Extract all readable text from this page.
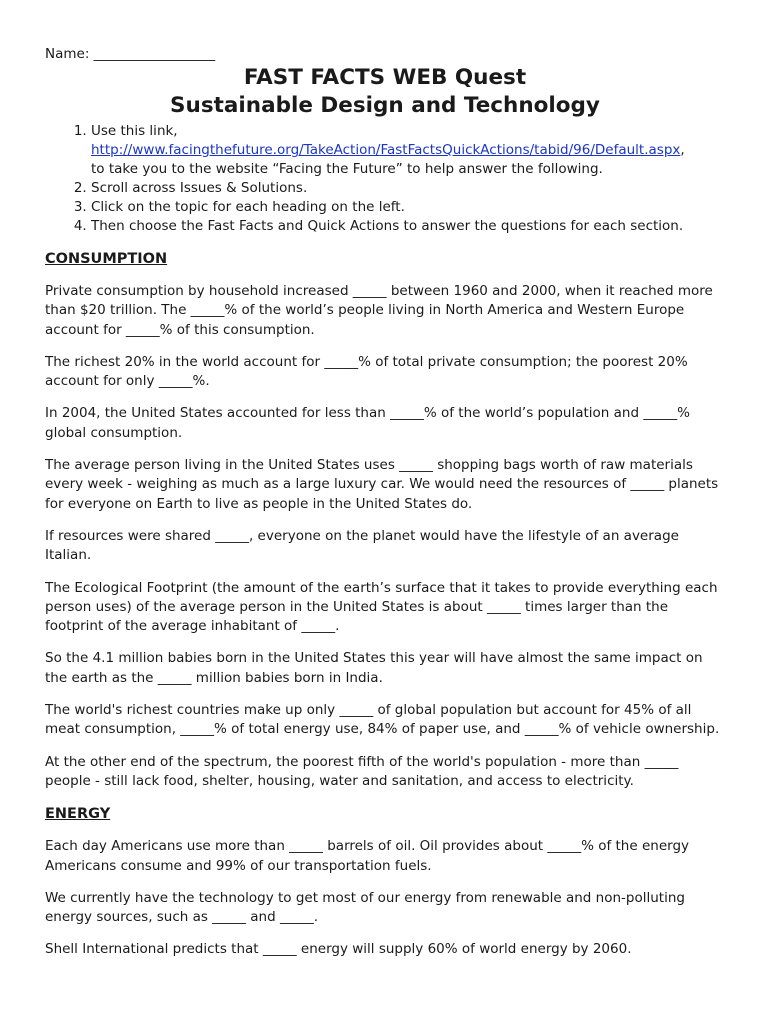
Name: __________________
FAST FACTS WEB Quest
Sustainable Design and Technology
1. Use this link,
http://www.facingthefuture.org/TakeAction/FastFactsQuickActions/tabid/96/Default.aspx,
to take you to the website “Facing the Future” to help answer the following.
2. Scroll across Issues & Solutions.
3. Click on the topic for each heading on the left.
4. Then choose the Fast Facts and Quick Actions to answer the questions for each section.
CONSUMPTION

Private consumption by household increased _____ between 1960 and 2000, when it reached more than $20 trillion. The _____% of the world’s people living in North America and Western Europe account for _____% of this consumption.

The richest 20% in the world account for _____% of total private consumption; the poorest 20% account for only _____%.

In 2004, the United States accounted for less than _____% of the world’s population and _____% global consumption.

The average person living in the United States uses _____ shopping bags worth of raw materials every week - weighing as much as a large luxury car. We would need the resources of _____ planets for everyone on Earth to live as people in the United States do.

If resources were shared _____, everyone on the planet would have the lifestyle of an average Italian.

The Ecological Footprint (the amount of the earth’s surface that it takes to provide everything each person uses) of the average person in the United States is about _____ times larger than the footprint of the average inhabitant of _____.

So the 4.1 million babies born in the United States this year will have almost the same impact on the earth as the _____ million babies born in India.

The world's richest countries make up only _____ of global population but account for 45% of all meat consumption, _____% of total energy use, 84% of paper use, and _____% of vehicle ownership.

At the other end of the spectrum, the poorest fifth of the world's population - more than _____ people - still lack food, shelter, housing, water and sanitation, and access to electricity.

ENERGY

Each day Americans use more than _____ barrels of oil. Oil provides about _____% of the energy Americans consume and 99% of our transportation fuels.

We currently have the technology to get most of our energy from renewable and non-polluting energy sources, such as _____ and _____.

Shell International predicts that _____ energy will supply 60% of world energy by 2060.
